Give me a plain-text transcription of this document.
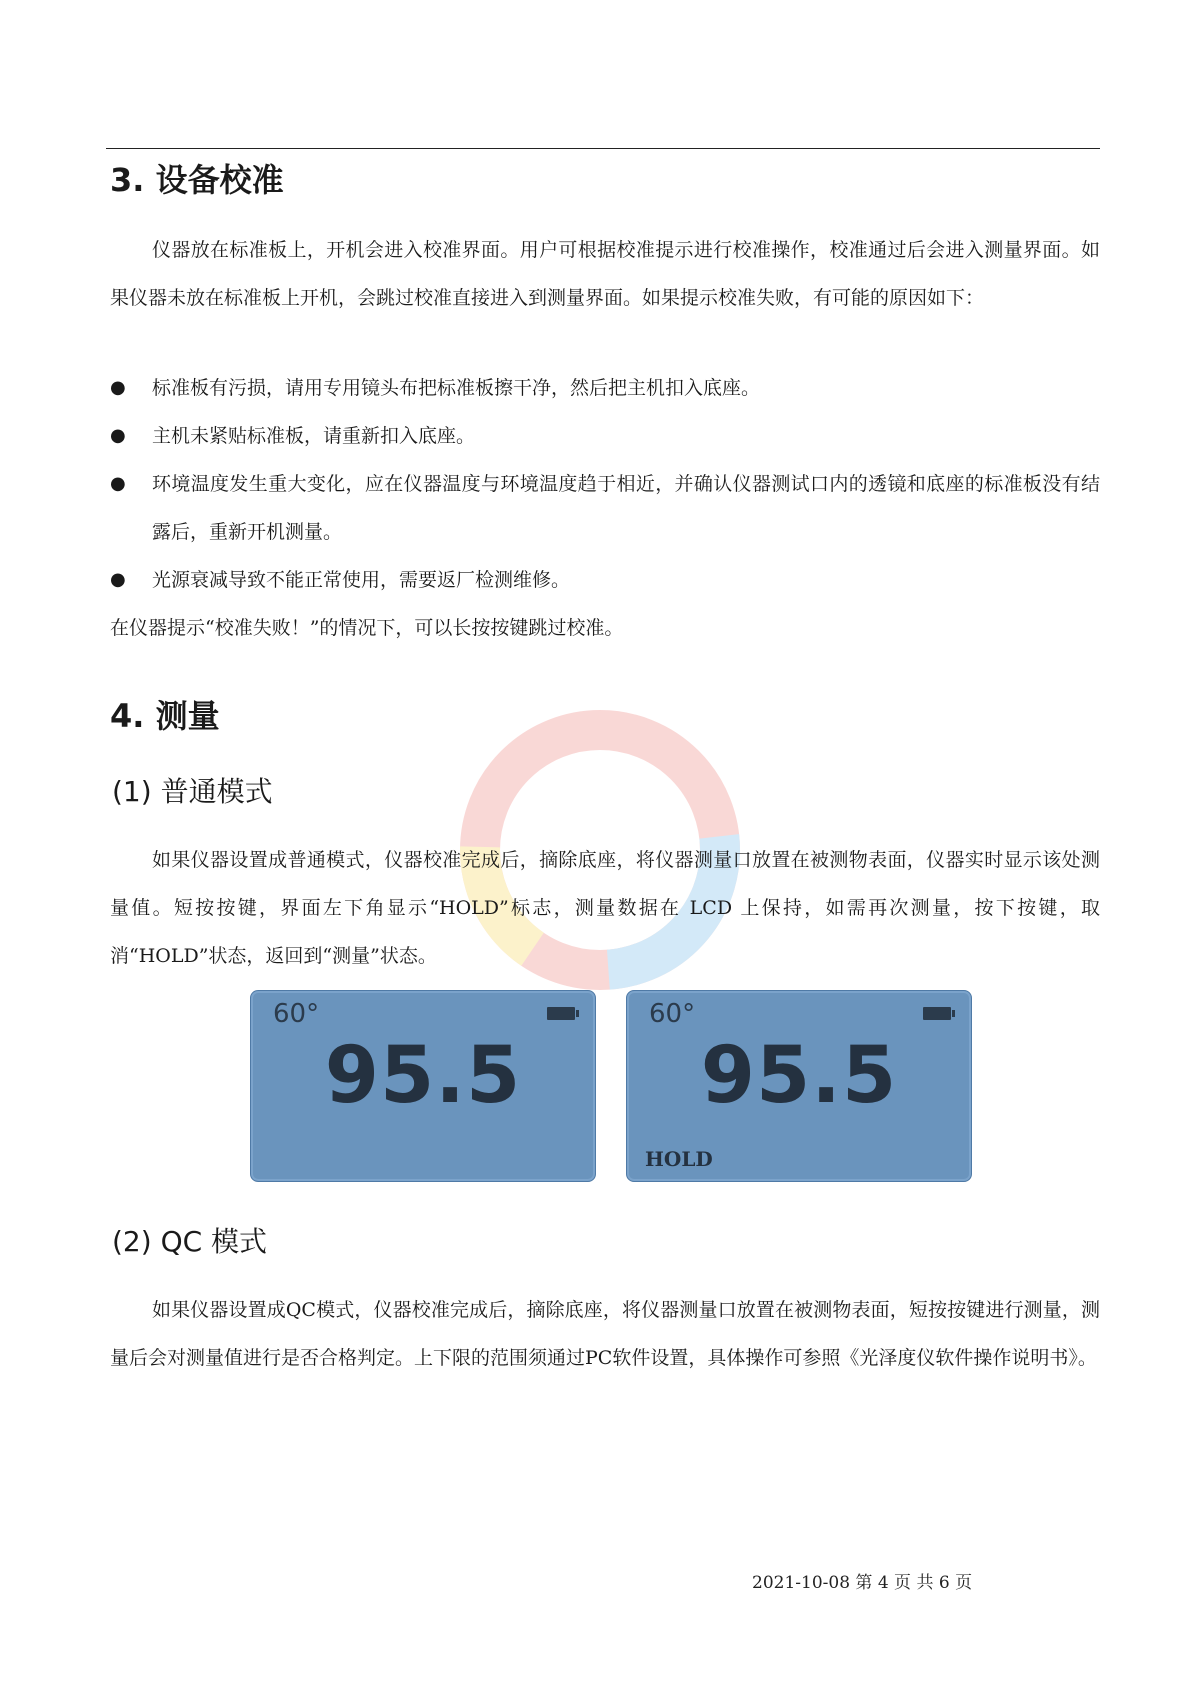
3. 设备校准
仪器放在标准板上，开机会进入校准界面。用户可根据校准提示进行校准操作，校准通过后会进入测量界面。如果仪器未放在标准板上开机，会跳过校准直接进入到测量界面。如果提示校准失败，有可能的原因如下：
●	标准板有污损，请用专用镜头布把标准板擦干净，然后把主机扣入底座。
●	主机未紧贴标准板，请重新扣入底座。
●	环境温度发生重大变化，应在仪器温度与环境温度趋于相近，并确认仪器测试口内的透镜和底座的标准板没有结露后，重新开机测量。
●	光源衰减导致不能正常使用，需要返厂检测维修。
在仪器提示“校准失败！”的情况下，可以长按按键跳过校准。
4. 测量
(1) 普通模式
如果仪器设置成普通模式，仪器校准完成后，摘除底座，将仪器测量口放置在被测物表面，仪器实时显示该处测量值。短按按键，界面左下角显示“HOLD”标志，测量数据在 LCD 上保持，如需再次测量，按下按键，取消“HOLD”状态，返回到“测量”状态。
60°
95.5
60°
95.5
HOLD
(2) QC 模式
如果仪器设置成QC模式，仪器校准完成后，摘除底座，将仪器测量口放置在被测物表面，短按按键进行测量，测量后会对测量值进行是否合格判定。上下限的范围须通过PC软件设置，具体操作可参照《光泽度仪软件操作说明书》。
2021-10-08 第 4 页 共 6 页
